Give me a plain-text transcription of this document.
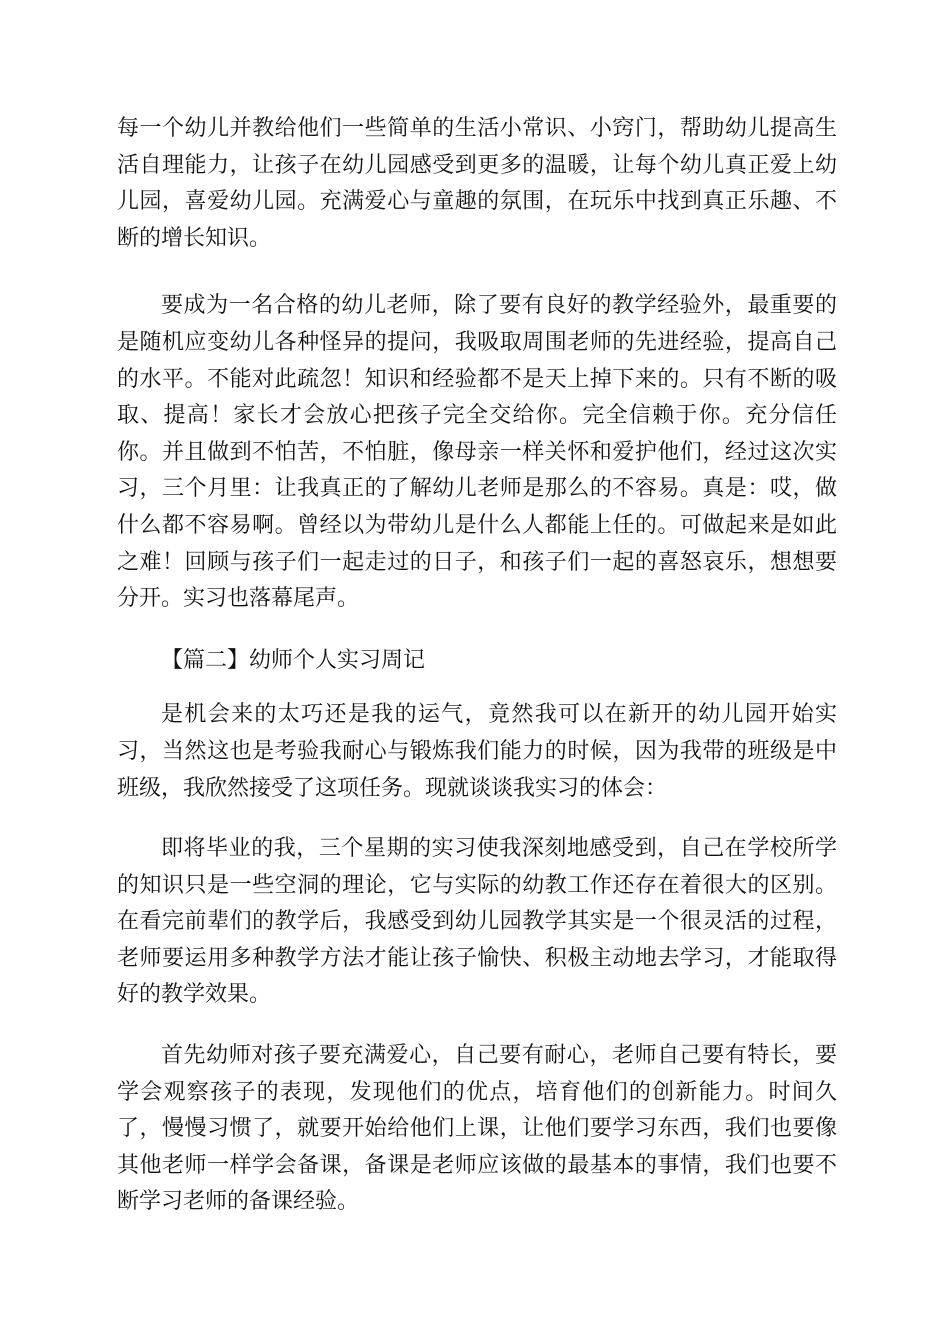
每一个幼儿并教给他们一些简单的生活小常识、小窍门，帮助幼儿提高生活自理能力，让孩子在幼儿园感受到更多的温暖，让每个幼儿真正爱上幼儿园，喜爱幼儿园。充满爱心与童趣的氛围，在玩乐中找到真正乐趣、不断的增长知识。

要成为一名合格的幼儿老师，除了要有良好的教学经验外，最重要的是随机应变幼儿各种怪异的提问，我吸取周围老师的先进经验，提高自己的水平。不能对此疏忽！知识和经验都不是天上掉下来的。只有不断的吸取、提高！家长才会放心把孩子完全交给你。完全信赖于你。充分信任你。并且做到不怕苦，不怕脏，像母亲一样关怀和爱护他们，经过这次实习，三个月里：让我真正的了解幼儿老师是那么的不容易。真是：哎，做什么都不容易啊。曾经以为带幼儿是什么人都能上任的。可做起来是如此之难！回顾与孩子们一起走过的日子，和孩子们一起的喜怒哀乐，想想要分开。实习也落幕尾声。

【篇二】幼师个人实习周记

是机会来的太巧还是我的运气，竟然我可以在新开的幼儿园开始实习，当然这也是考验我耐心与锻炼我们能力的时候，因为我带的班级是中班级，我欣然接受了这项任务。现就谈谈我实习的体会：

即将毕业的我，三个星期的实习使我深刻地感受到，自己在学校所学的知识只是一些空洞的理论，它与实际的幼教工作还存在着很大的区别。在看完前辈们的教学后，我感受到幼儿园教学其实是一个很灵活的过程，老师要运用多种教学方法才能让孩子愉快、积极主动地去学习，才能取得好的教学效果。

首先幼师对孩子要充满爱心，自己要有耐心，老师自己要有特长，要学会观察孩子的表现，发现他们的优点，培育他们的创新能力。时间久了，慢慢习惯了，就要开始给他们上课，让他们要学习东西，我们也要像其他老师一样学会备课，备课是老师应该做的最基本的事情，我们也要不断学习老师的备课经验。
